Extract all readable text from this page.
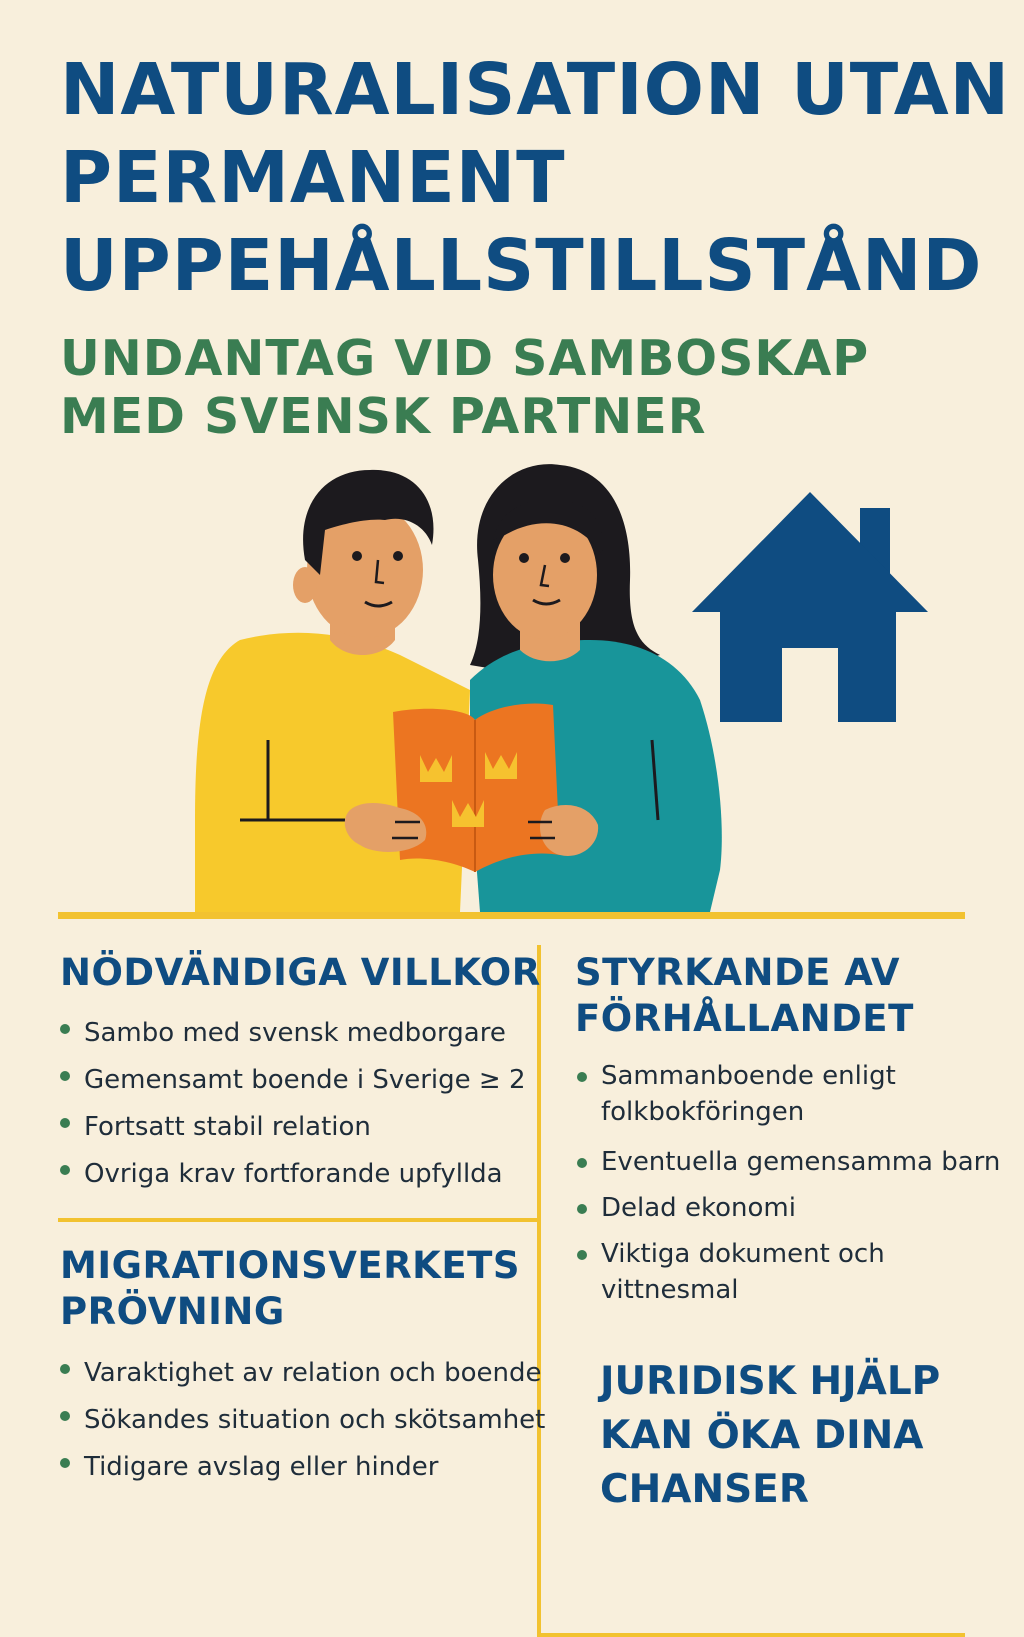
NATURALISATION UTAN
PERMANENT
UPPEHÅLLSTILLSTÅND
UNDANTAG VID SAMBOSKAP
MED SVENSK PARTNER
NÖDVÄNDIGA VILLKOR
Sambo med svensk medborgare
Gemensamt boende i Sverige ≥ 2
Fortsatt stabil relation
Ovriga krav fortforande upfyllda
STYRKANDE AV
FÖRHÅLLANDET
Sammanboende enligt
folkbokföringen
Eventuella gemensamma barn
Delad ekonomi
Viktiga dokument och
vittnesmal
MIGRATIONSVERKETS
PRÖVNING
Varaktighet av relation och boende
Sökandes situation och skötsamhet
Tidigare avslag eller hinder
JURIDISK HJÄLP
KAN ÖKA DINA
CHANSER
